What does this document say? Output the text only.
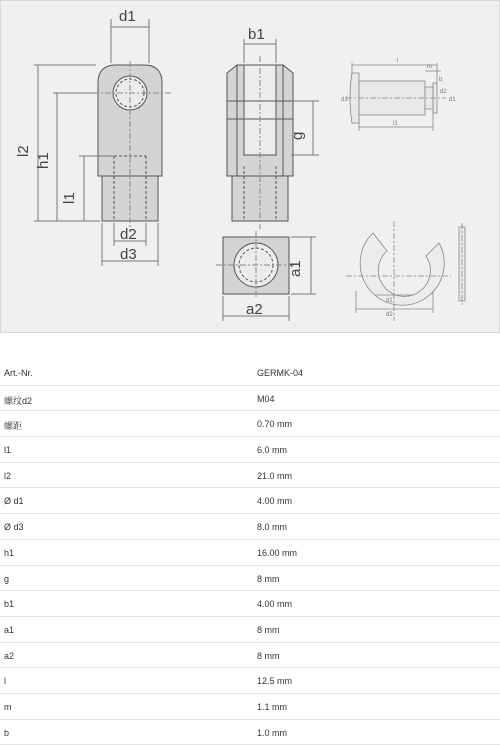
d1
l2
h1
l1
d2
d3
b1
g
a1
a2
l
m
b
d3	d1
l1
d2
d1
d2
Art.-Nr.	GERMK-04
螺纹d2	M04
螺距	0.70 mm
l1	6.0 mm
l2	21.0 mm
Ø d1	4.00 mm
Ø d3	8.0 mm
h1	16.00 mm
g	8 mm
b1	4.00 mm
a1	8 mm
a2	8 mm
l	12.5 mm
m	1.1 mm
b	1.0 mm
